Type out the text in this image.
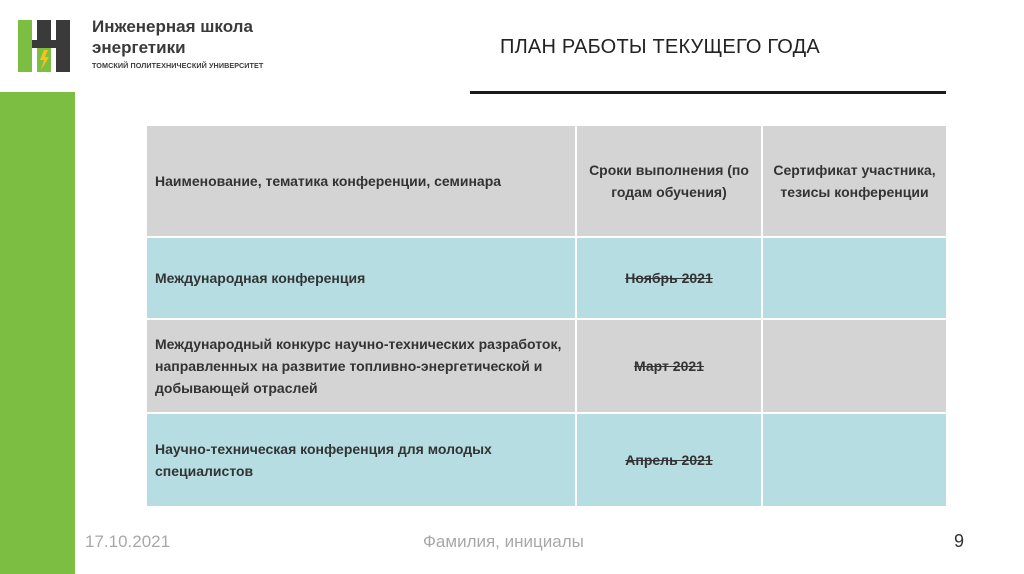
Инженерная школа
энергетики
ТОМСКИЙ ПОЛИТЕХНИЧЕСКИЙ УНИВЕРСИТЕТ
ПЛАН РАБОТЫ ТЕКУЩЕГО ГОДА
Наименование, тематика конференции, семинара	Сроки выполнения (по годам обучения)	Сертификат участника, тезисы конференции
Международная конференция	Ноябрь 2021	
Международный конкурс научно-технических разработок, направленных на развитие топливно-энергетической и добывающей отраслей	Март 2021	
Научно-техническая конференция для молодых специалистов	Апрель 2021	
17.10.2021	Фамилия, инициалы	9
